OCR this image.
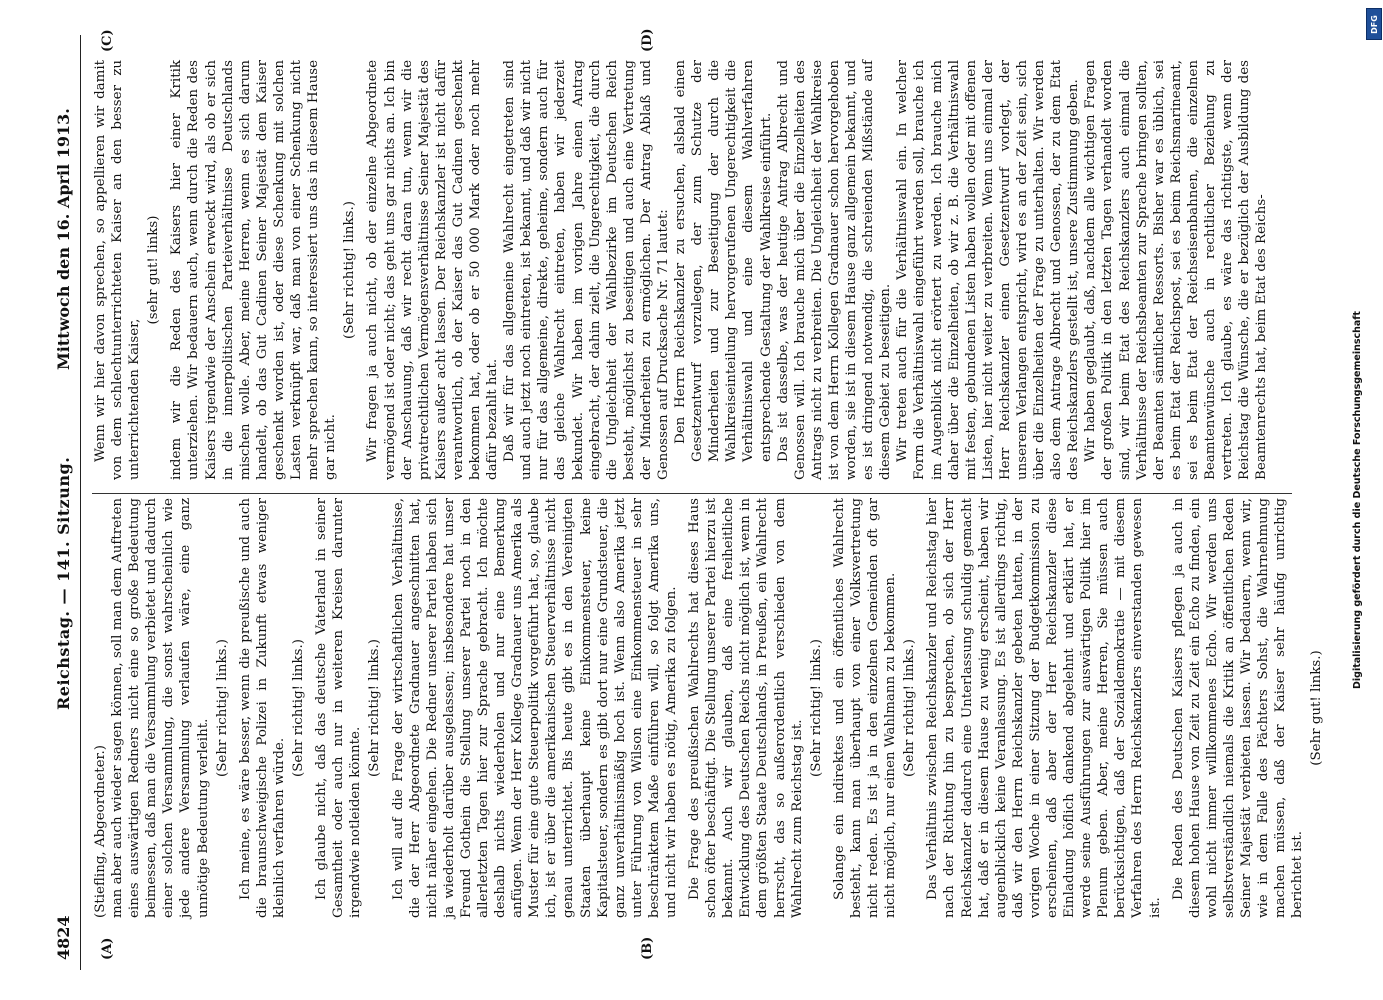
4824
Reichstag. — 141. Sitzung.
Mittwoch den 16. April 1913.
(A)	(B)
(C)	(D)

(Stiefling, Abgeordneter.) man aber auch wieder sagen können, soll man dem Auftreten eines auswärtigen Redners nicht eine so große Bedeutung beimessen, daß man die Versammlung verbietet und dadurch einer solchen Versammlung, die sonst wahrscheinlich wie jede andere Versammlung verlaufen wäre, eine ganz unnötige Bedeutung verleiht.

(Sehr richtig! links.) Ich meine, es wäre besser, wenn die preußische und auch die braunschweigische Polizei in Zukunft etwas weniger kleinlich verfahren würde.

(Sehr richtig! links.) Ich glaube nicht, daß das deutsche Vaterland in seiner Gesamtheit oder auch nur in weiteren Kreisen darunter irgendwie notleiden könnte.

(Sehr richtig! links.) Ich will auf die Frage der wirtschaftlichen Verhältnisse, die der Herr Abgeordnete Gradnauer angeschnitten hat, nicht näher eingehen. Die Redner unserer Partei haben sich ja wiederholt darüber ausgelassen; insbesondere hat unser Freund Gothein die Stellung unserer Partei noch in den allerletzten Tagen hier zur Sprache gebracht. Ich möchte deshalb nichts wiederholen und nur eine Bemerkung anfügen. Wenn der Herr Kollege Gradnauer uns Amerika als Muster für eine gute Steuerpolitik vorgeführt hat, so, glaube ich, ist er über die amerikanischen Steuerverhältnisse nicht genau unterrichtet. Bis heute gibt es in den Vereinigten Staaten überhaupt keine Einkommensteuer, keine Kapitalsteuer, sondern es gibt dort nur eine Grundsteuer, die ganz unverhältnismäßig hoch ist. Wenn also Amerika jetzt unter Führung von Wilson eine Einkommensteuer in sehr beschränktem Maße einführen will, so folgt Amerika uns, und nicht wir haben es nötig, Amerika zu folgen. Die Frage des preußischen Wahlrechts hat dieses Haus schon öfter beschäftigt. Die Stellung unserer Partei hierzu ist bekannt. Auch wir glauben, daß eine freiheitliche Entwicklung des Deutschen Reichs nicht möglich ist, wenn in dem größten Staate Deutschlands, in Preußen, ein Wahlrecht herrscht, das so außerordentlich verschieden von dem Wahlrecht zum Reichstag ist.

(Sehr richtig! links.) Solange ein indirektes und ein öffentliches Wahlrecht besteht, kann man überhaupt von einer Volksvertretung nicht reden. Es ist ja in den einzelnen Gemeinden oft gar nicht möglich, nur einen Wahlmann zu bekommen. (Sehr richtig! links.) Das Verhältnis zwischen Reichskanzler und Reichstag hier nach der Richtung hin zu besprechen, ob sich der Herr Reichskanzler dadurch eine Unterlassung schuldig gemacht hat, daß er in diesem Hause zu wenig erscheint, haben wir augenblicklich keine Veranlassung. Es ist allerdings richtig, daß wir den Herrn Reichskanzler gebeten hatten, in der vorigen Woche in einer Sitzung der Budgetkommission zu erscheinen, daß aber der Herr Reichskanzler diese Einladung höflich dankend abgelehnt und erklärt hat, er werde seine Ausführungen zur auswärtigen Politik hier im Plenum geben. Aber, meine Herren, Sie müssen auch berücksichtigen, daß der Sozialdemokratie — mit diesem Verfahren des Herrn Reichskanzlers einverstanden gewesen ist.

Die Reden des Deutschen Kaisers pflegen ja auch in diesem hohen Hause von Zeit zu Zeit ein Echo zu finden, ein wohl nicht immer willkommenes Echo. Wir werden uns selbstverständlich niemals die Kritik an öffentlichen Reden Seiner Majestät verbieten lassen. Wir bedauern, wenn wir, wie in dem Falle des Pächters Sohst, die Wahrnehmung machen müssen, daß der Kaiser sehr häufig unrichtig berichtet ist.

(Sehr gut! links.)

Wenn wir hier davon sprechen, so appellieren wir damit von dem schlechtunterrichteten Kaiser an den besser zu unterrichtenden Kaiser,

(sehr gut! links) indem wir die Reden des Kaisers hier einer Kritik unterziehen. Wir bedauern auch, wenn durch die Reden des Kaisers irgendwie der Anschein erweckt wird, als ob er sich in die innerpolitischen Parteiverhältnisse Deutschlands mischen wolle. Aber, meine Herren, wenn es sich darum handelt, ob das Gut Cadinen Seiner Majestät dem Kaiser geschenkt worden ist, oder diese Schenkung mit solchen Lasten verknüpft war, daß man von einer Schenkung nicht mehr sprechen kann, so interessiert uns das in diesem Hause gar nicht.

(Sehr richtig! links.) Wir fragen ja auch nicht, ob der einzelne Abgeordnete vermögend ist oder nicht; das geht uns gar nichts an. Ich bin der Anschauung, daß wir recht daran tun, wenn wir die privatrechtlichen Vermögensverhältnisse Seiner Majestät des Kaisers außer acht lassen. Der Reichskanzler ist nicht dafür verantwortlich, ob der Kaiser das Gut Cadinen geschenkt bekommen hat, oder ob er 50 000 Mark oder noch mehr dafür bezahlt hat. Daß wir für das allgemeine Wahlrecht eingetreten sind und auch jetzt noch eintreten, ist bekannt, und daß wir nicht nur für das allgemeine, direkte, geheime, sondern auch für das gleiche Wahlrecht eintreten, haben wir jederzeit bekundet. Wir haben im vorigen Jahre einen Antrag eingebracht, der dahin zielt, die Ungerechtigkeit, die durch die Ungleichheit der Wahlbezirke im Deutschen Reich besteht, möglichst zu beseitigen und auch eine Vertretung der Minderheiten zu ermöglichen. Der Antrag Ablaß und Genossen auf Drucksache Nr. 71 lautet: Den Herrn Reichskanzler zu ersuchen, alsbald einen Gesetzentwurf vorzulegen, der zum Schutze der Minderheiten und zur Beseitigung der durch die Wahlkreiseinteilung hervorgerufenen Ungerechtigkeit die Verhältniswahl und eine diesem Wahlverfahren entsprechende Gestaltung der Wahlkreise einführt. Das ist dasselbe, was der heutige Antrag Albrecht und Genossen will. Ich brauche mich über die Einzelheiten des Antrags nicht zu verbreiten. Die Ungleichheit der Wahlkreise ist von dem Herrn Kollegen Gradnauer schon hervorgehoben worden, sie ist in diesem Hause ganz allgemein bekannt, und es ist dringend notwendig, die schreienden Mißstände auf diesem Gebiet zu beseitigen. Wir treten auch für die Verhältniswahl ein. In welcher Form die Verhältniswahl eingeführt werden soll, brauche ich im Augenblick nicht erörtert zu werden. Ich brauche mich daher über die Einzelheiten, ob wir z. B. die Verhältniswahl mit festen, gebundenen Listen haben wollen oder mit offenen Listen, hier nicht weiter zu verbreiten. Wenn uns einmal der Herr Reichskanzler einen Gesetzentwurf vorlegt, der unserem Verlangen entspricht, wird es an der Zeit sein, sich über die Einzelheiten der Frage zu unterhalten. Wir werden also dem Antrage Albrecht und Genossen, der zu dem Etat des Reichskanzlers gestellt ist, unsere Zustimmung geben. Wir haben geglaubt, daß, nachdem alle wichtigen Fragen der großen Politik in den letzten Tagen verhandelt worden sind, wir beim Etat des Reichskanzlers auch einmal die Verhältnisse der Reichsbeamten zur Sprache bringen sollten, der Beamten sämtlicher Ressorts. Bisher war es üblich, sei es beim Etat der Reichspost, sei es beim Reichsmarineamt, sei es beim Etat der Reichseisenbahnen, die einzelnen Beamtenwünsche auch in rechtlicher Beziehung zu vertreten. Ich glaube, es wäre das richtigste, wenn der Reichstag die Wünsche, die er bezüglich der Ausbildung des Beamtenrechts hat, beim Etat des Reichs-

DFG
Digitalisierung gefördert durch die Deutsche Forschungsgemeinschaft
